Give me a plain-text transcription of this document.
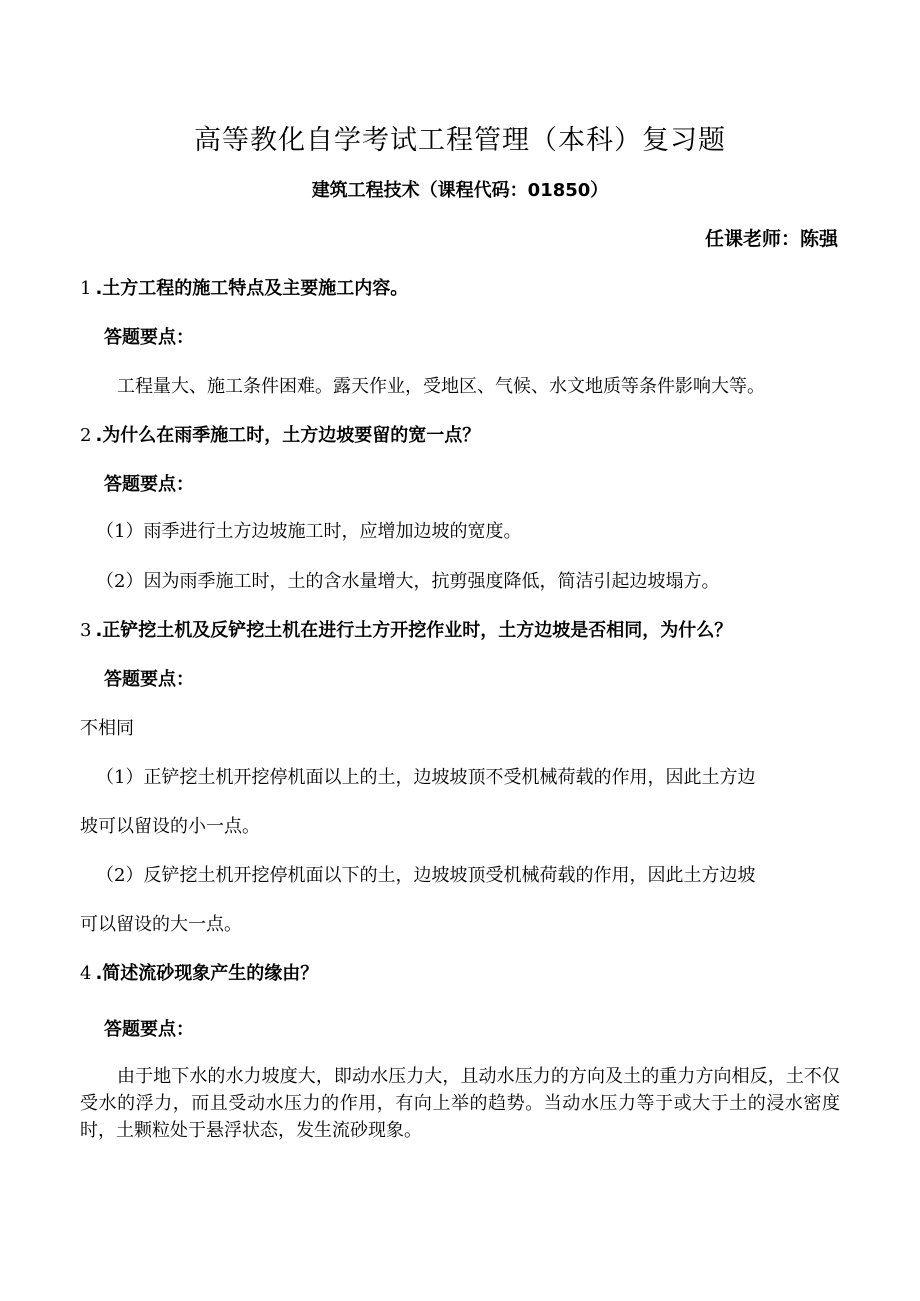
高等教化自学考试工程管理（本科）复习题
建筑工程技术（课程代码：01850）
任课老师：陈强
1 .土方工程的施工特点及主要施工内容。
答题要点：
工程量大、施工条件困难。露天作业，受地区、气候、水文地质等条件影响大等。
2 .为什么在雨季施工时，土方边坡要留的宽一点？
答题要点：
（1）雨季进行土方边坡施工时，应增加边坡的宽度。
（2）因为雨季施工时，土的含水量增大，抗剪强度降低，简洁引起边坡塌方。
3 .正铲挖土机及反铲挖土机在进行土方开挖作业时，土方边坡是否相同，为什么？
答题要点：
不相同
（1）正铲挖土机开挖停机面以上的土，边坡坡顶不受机械荷载的作用，因此土方边
坡可以留设的小一点。
（2）反铲挖土机开挖停机面以下的土，边坡坡顶受机械荷载的作用，因此土方边坡
可以留设的大一点。
4 .简述流砂现象产生的缘由？
答题要点：
由于地下水的水力坡度大，即动水压力大，且动水压力的方向及土的重力方向相反，土不仅受水的浮力，而且受动水压力的作用，有向上举的趋势。当动水压力等于或大于土的浸水密度时，土颗粒处于悬浮状态，发生流砂现象。
